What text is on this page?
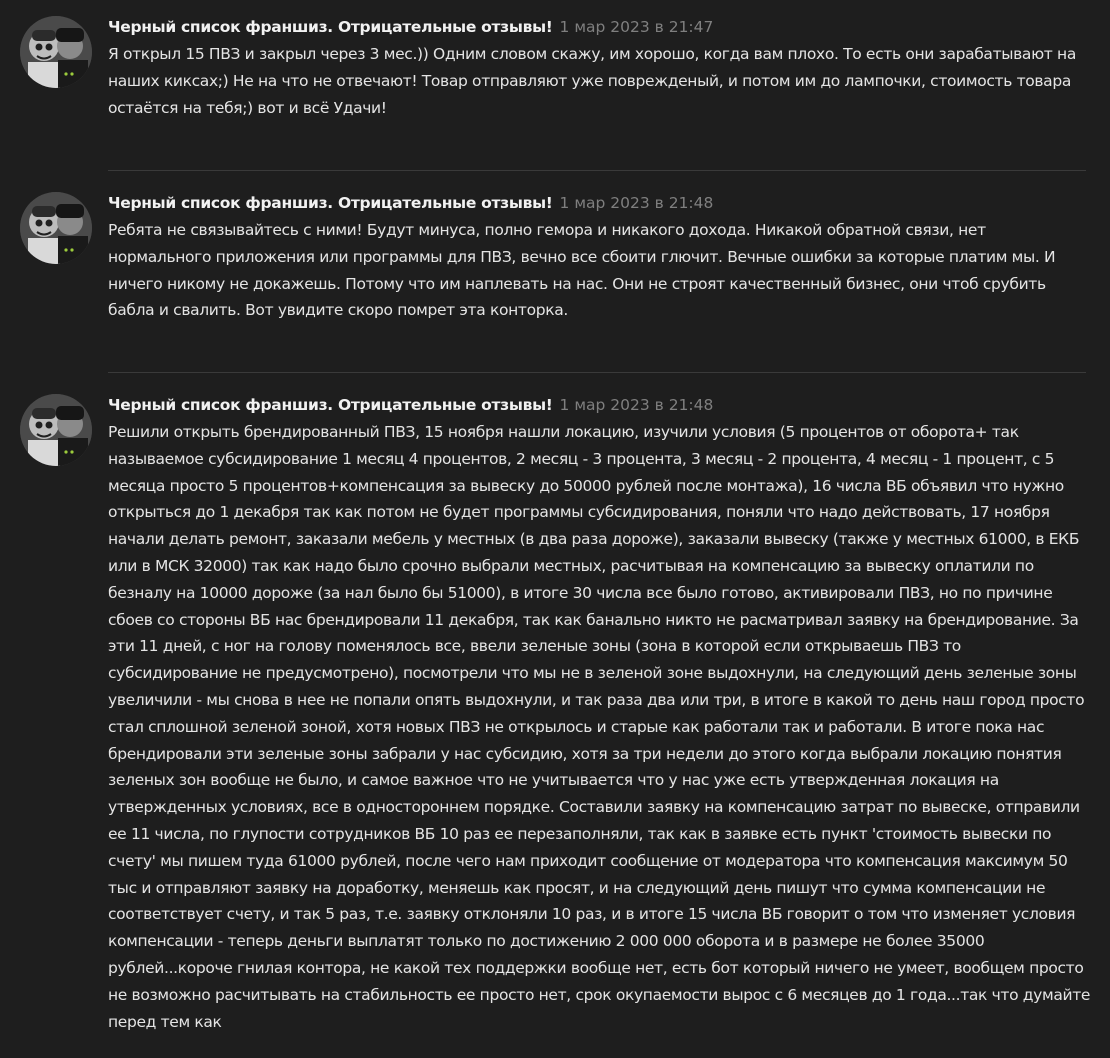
Черный список франшиз. Отрицательные отзывы! 1 мар 2023 в 21:47
Я открыл 15 ПВЗ и закрыл через 3 мес.)) Одним словом скажу, им хорошо, когда вам плохо. То есть они зарабатывают на наших киксах;) Не на что не отвечают! Товар отправляют уже поврежденый, и потом им до лампочки, стоимость товара остаётся на тебя;) вот и всё Удачи!
Черный список франшиз. Отрицательные отзывы! 1 мар 2023 в 21:48
Ребята не связывайтесь с ними! Будут минуса, полно гемора и никакого дохода. Никакой обратной связи, нет нормального приложения или программы для ПВЗ, вечно все сбоити глючит. Вечные ошибки за которые платим мы. И ничего никому не докажешь. Потому что им наплевать на нас. Они не строят качественный бизнес, они чтоб срубить бабла и свалить. Вот увидите скоро помрет эта конторка.
Черный список франшиз. Отрицательные отзывы! 1 мар 2023 в 21:48
Решили открыть брендированный ПВЗ, 15 ноября нашли локацию, изучили условия (5 процентов от оборота+ так называемое субсидирование 1 месяц 4 процентов, 2 месяц - 3 процента, 3 месяц - 2 процента, 4 месяц - 1 процент, с 5 месяца просто 5 процентов+компенсация за вывеску до 50000 рублей после монтажа), 16 числа ВБ объявил что нужно открыться до 1 декабря так как потом не будет программы субсидирования, поняли что надо действовать, 17 ноября начали делать ремонт, заказали мебель у местных (в два раза дороже), заказали вывеску (также у местных 61000, в ЕКБ или в МСК 32000) так как надо было срочно выбрали местных, расчитывая на компенсацию за вывеску оплатили по безналу на 10000 дороже (за нал было бы 51000), в итоге 30 числа все было готово, активировали ПВЗ, но по причине сбоев со стороны ВБ нас брендировали 11 декабря, так как банально никто не расматривал заявку на брендирование. За эти 11 дней, с ног на голову поменялось все, ввели зеленые зоны (зона в которой если открываешь ПВЗ то субсидирование не предусмотрено), посмотрели что мы не в зеленой зоне выдохнули, на следующий день зеленые зоны увеличили - мы снова в нее не попали опять выдохнули, и так раза два или три, в итоге в какой то день наш город просто стал сплошной зеленой зоной, хотя новых ПВЗ не открылось и старые как работали так и работали. В итоге пока нас брендировали эти зеленые зоны забрали у нас субсидию, хотя за три недели до этого когда выбрали локацию понятия зеленых зон вообще не было, и самое важное что не учитывается что у нас уже есть утвержденная локация на утвержденных условиях, все в одностороннем порядке. Составили заявку на компенсацию затрат по вывеске, отправили ее 11 числа, по глупости сотрудников ВБ 10 раз ее перезаполняли, так как в заявке есть пункт 'стоимость вывески по счету' мы пишем туда 61000 рублей, после чего нам приходит сообщение от модератора что компенсация максимум 50 тыс и отправляют заявку на доработку, меняешь как просят, и на следующий день пишут что сумма компенсации не соответствует счету, и так 5 раз, т.е. заявку отклоняли 10 раз, и в итоге 15 числа ВБ говорит о том что изменяет условия компенсации - теперь деньги выплатят только по достижению 2 000 000 оборота и в размере не более 35000 рублей...короче гнилая контора, не какой тех поддержки вообще нет, есть бот который ничего не умеет, вообщем просто не возможно расчитывать на стабильность ее просто нет, срок окупаемости вырос с 6 месяцев до 1 года...так что думайте перед тем как
